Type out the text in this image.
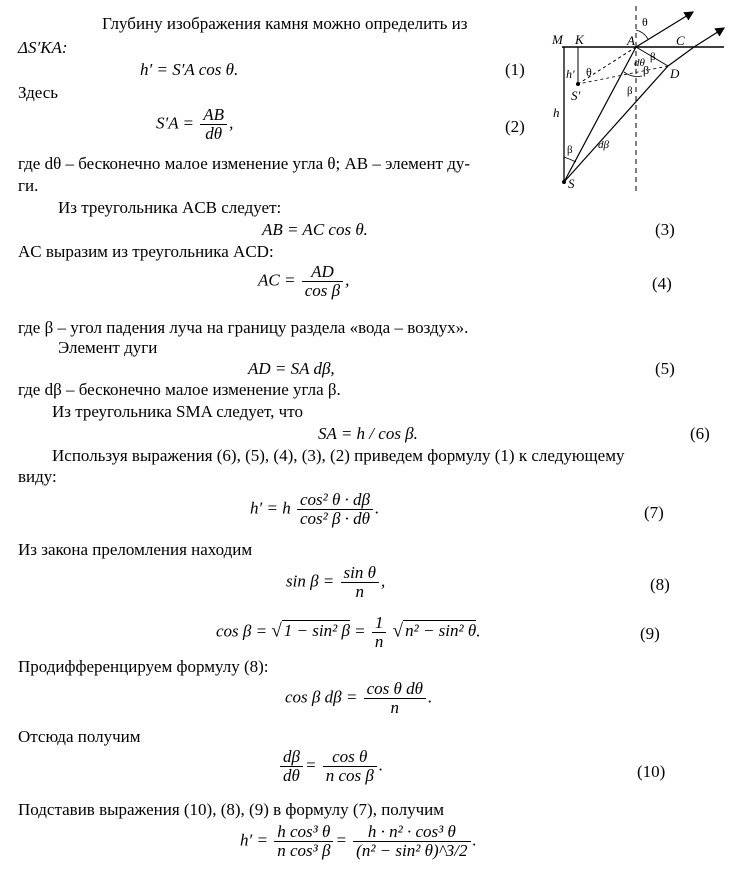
M K	A	C
D
S
S′
h
h′
θ
θ
β
β
β
β
dθ
dβ
Глубину изображения камня можно определить из
ΔS′KA:
h′ = S′A cos θ.	(1)
Здесь
$S'A = \frac{AB}{d\theta}$ ,	(2)
где dθ – бесконечно малое изменение угла θ; AB – элемент ду-
ги.
Из треугольника ACB следует:
AB = AC cos θ.	(3)
AC выразим из треугольника ACD:
AC = $\frac{AD}{\text{cos β}}$ ,	(4)
где β – угол падения луча на границу раздела «вода – воздух».
Элемент дуги
AD = SA dβ,	(5)
где dβ – бесконечно малое изменение угла β.
Из треугольника SMA следует, что
SA = h / cos β.	(6)
Используя выражения (6), (5), (4), (3), (2) приведем формулу (1) к следующему
виду:
h′ = h $\frac{\text{cos² θ · dβ}}{\text{cos² β · dθ}}$ .	(7)
Из закона преломления находим
$\sin \beta = \frac{\text{sin θ}}{n}$ ,	(8)
cos β = √ 1 − sin² $\beta = \frac{1}{n}$ √ n² − sin² θ.	(9)
Продифференцируем формулу (8):
cos β $d\beta = \frac{\text{cos θ dθ}}{n}$ .
Отсюда получим
$\frac{d\beta}{d\theta} = \frac{\text{cos θ}}{\text{n cos β}}$ .	(10)
Подставив выражения (10), (8), (9) в формулу (7), получим
$h' = \frac{\text{h cos³ θ}}{\text{n cos³ β}} = \frac{\text{h · n² · cos³ θ}}{\text{(n² − sin² θ)\textasciicircum{}3/2}}$ .
